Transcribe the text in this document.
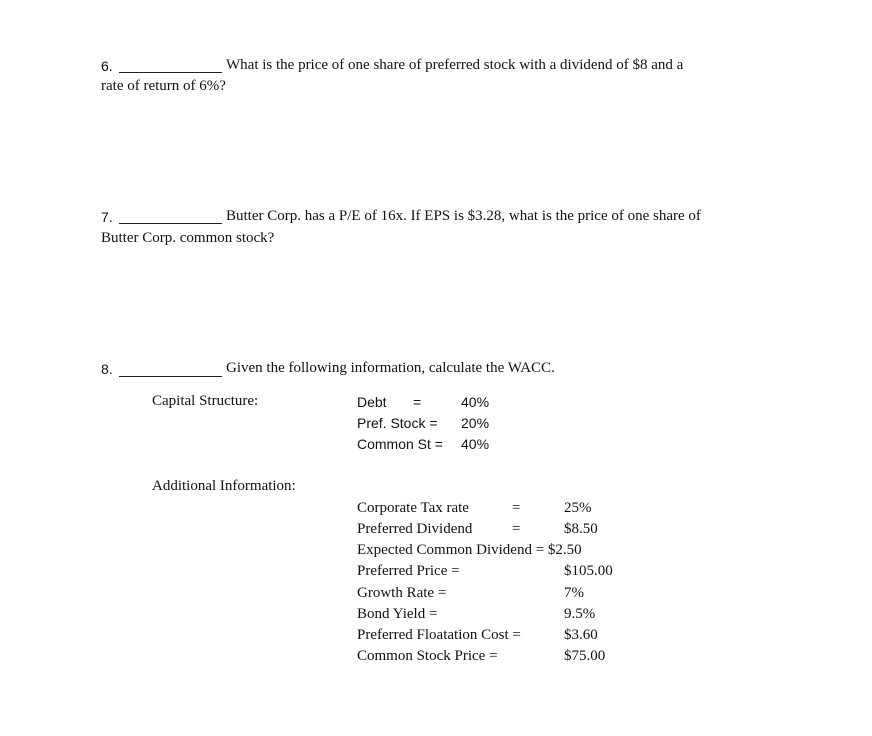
6.	What is the price of one share of preferred stock with a dividend of $8 and a
rate of return of 6%?
7.	Butter Corp. has a P/E of 16x. If EPS is $3.28, what is the price of one share of
Butter Corp. common stock?
8.	Given the following information, calculate the WACC.
Capital Structure:	Debt =	40%
Pref. Stock = 20%
Common St = 40%
Additional Information:
Corporate Tax rate	=	25%
Preferred Dividend	=	$8.50
Expected Common Dividend = $2.50
Preferred Price =	$105.00
Growth Rate =	7%
Bond Yield =	9.5%
Preferred Floatation Cost =	$3.60
Common Stock Price =	$75.00
